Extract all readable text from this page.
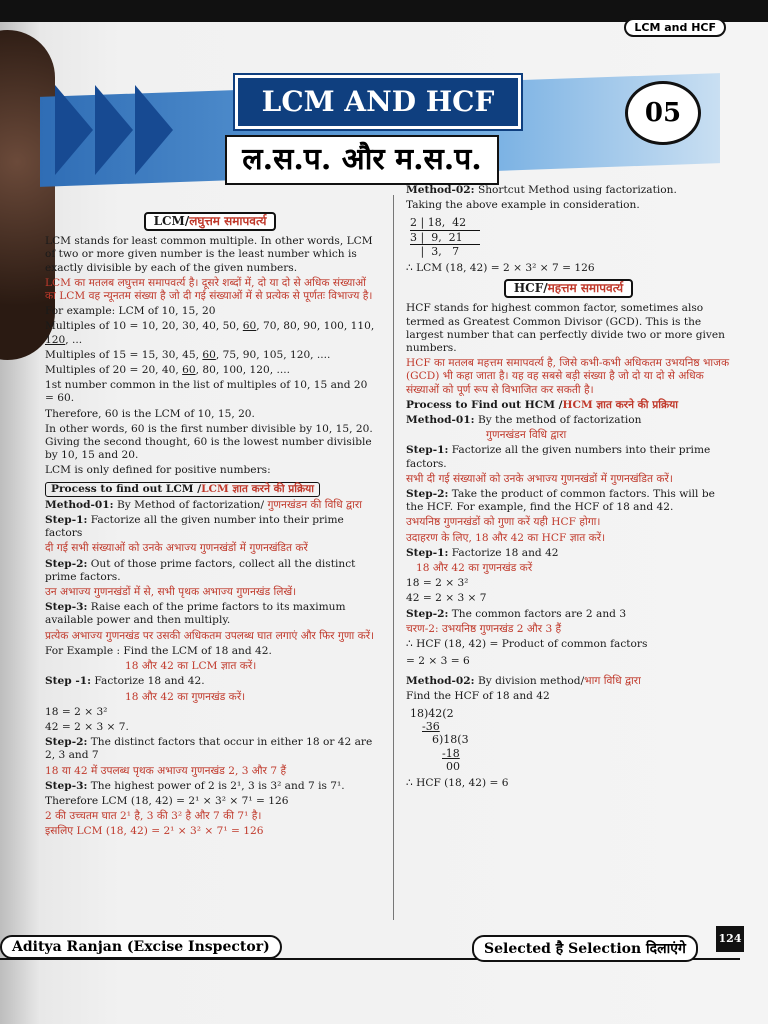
LCM and HCF
LCM AND HCF
ल.स.प. और म.स.प.
05
LCM/लघुत्तम समापवर्त्य

LCM stands for least common multiple. In other words, LCM of two or more given number is the least number which is exactly divisible by each of the given numbers.

LCM का मतलब लघुत्तम समापवर्त्य है। दूसरे शब्दों में, दो या दो से अधिक संख्याओं का LCM वह न्यूनतम संख्या है जो दी गई संख्याओं में से प्रत्येक से पूर्णतः विभाज्य है।

For example: LCM of 10, 15, 20

Multiples of 10 = 10, 20, 30, 40, 50, 60, 70, 80, 90, 100, 110, 120, ...

Multiples of 15 = 15, 30, 45, 60, 75, 90, 105, 120, ....

Multiples of 20 = 20, 40, 60, 80, 100, 120, ....

1st number common in the list of multiples of 10, 15 and 20 = 60.

Therefore, 60 is the LCM of 10, 15, 20.

In other words, 60 is the first number divisible by 10, 15, 20. Giving the second thought, 60 is the lowest number divisible by 10, 15 and 20.

LCM is only defined for positive numbers:

Process to find out LCM /LCM ज्ञात करने की प्रक्रिया

Method-01: By Method of factorization/ गुणनखंडन की विधि द्वारा

Step-1: Factorize all the given number into their prime factors

दी गई सभी संख्याओं को उनके अभाज्य गुणनखंडों में गुणनखंडित करें

Step-2: Out of those prime factors, collect all the distinct prime factors.

उन अभाज्य गुणनखंडों में से, सभी पृथक अभाज्य गुणनखंड लिखें।

Step-3: Raise each of the prime factors to its maximum available power and then multiply.

प्रत्येक अभाज्य गुणनखंड पर उसकी अधिकतम उपलब्ध घात लगाएं और फिर गुणा करें।

For Example : Find the LCM of 18 and 42.

18 और 42 का LCM ज्ञात करें।

Step -1: Factorize 18 and 42.

18 और 42 का गुणनखंड करें।

18 = 2 × 3²

42 = 2 × 3 × 7.

Step-2: The distinct factors that occur in either 18 or 42 are 2, 3 and 7

18 या 42 में उपलब्ध पृथक अभाज्य गुणनखंड 2, 3 और 7 हैं

Step-3: The highest power of 2 is 2¹, 3 is 3² and 7 is 7¹.

Therefore LCM (18, 42) = 2¹ × 3² × 7¹ = 126

2 की उच्चतम घात 2¹ है, 3 की 3² है और 7 की 7¹ है।

इसलिए LCM (18, 42) = 2¹ × 3² × 7¹ = 126

Method-02: Shortcut Method using factorization.

Taking the above example in consideration.

2 | 18,  42
3 |  9,  21
|  3,   7

∴ LCM (18, 42) = 2 × 3² × 7 = 126

HCF/महत्तम समापवर्त्य

HCF stands for highest common factor, sometimes also termed as Greatest Common Divisor (GCD). This is the largest number that can perfectly divide two or more given numbers.

HCF का मतलब महत्तम समापवर्त्य है, जिसे कभी-कभी अधिकतम उभयनिष्ठ भाजक (GCD) भी कहा जाता है। यह वह सबसे बड़ी संख्या है जो दो या दो से अधिक संख्याओं को पूर्ण रूप से विभाजित कर सकती है।

Process to Find out HCM /HCM ज्ञात करने की प्रक्रिया

Method-01: By the method of factorization

गुणनखंडन विधि द्वारा

Step-1: Factorize all the given numbers into their prime factors.

सभी दी गई संख्याओं को उनके अभाज्य गुणनखंडों में गुणनखंडित करें।

Step-2: Take the product of common factors. This will be the HCF. For example, find the HCF of 18 and 42.

उभयनिष्ठ गुणनखंडों को गुणा करें यही HCF होगा।

उदाहरण के लिए, 18 और 42 का HCF ज्ञात करें।

Step-1: Factorize 18 and 42

18 और 42 का गुणनखंड करें

18 = 2 × 3²

42 = 2 × 3 × 7

Step-2: The common factors are 2 and 3

चरण-2: उभयनिष्ठ गुणनखंड 2 और 3 हैं

∴ HCF (18, 42) = Product of common factors

= 2 × 3 = 6

Method-02: By division method/भाग विधि द्वारा

Find the HCF of 18 and 42

18)42(2
-36
6)18(3
-18
00

∴ HCF (18, 42) = 6

Aditya Ranjan (Excise Inspector)	Selected है Selection दिलाएंगे
124
